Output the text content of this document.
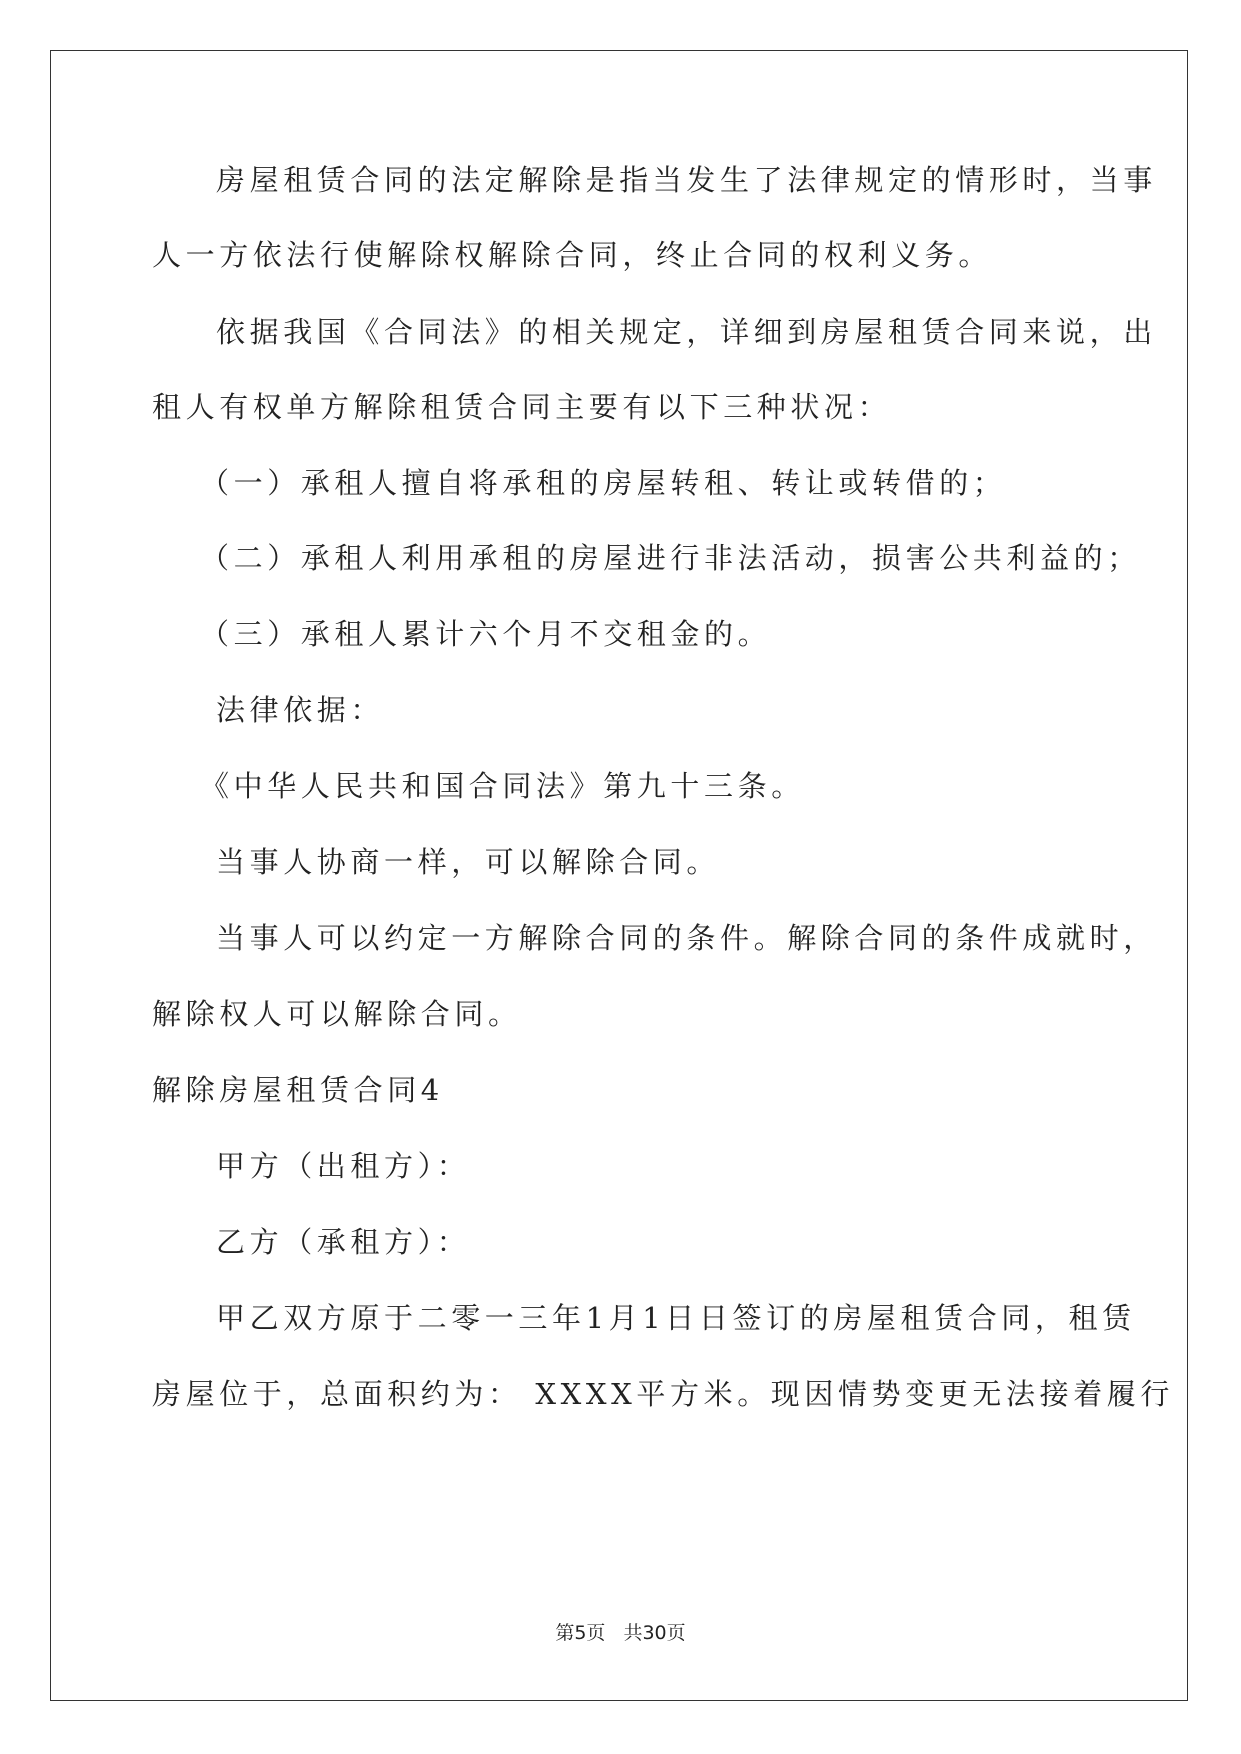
房屋租赁合同的法定解除是指当发生了法律规定的情形时，当事
人一方依法行使解除权解除合同，终止合同的权利义务。
依据我国《合同法》的相关规定，详细到房屋租赁合同来说，出
租人有权单方解除租赁合同主要有以下三种状况：
（一）承租人擅自将承租的房屋转租、转让或转借的；
（二）承租人利用承租的房屋进行非法活动，损害公共利益的；
（三）承租人累计六个月不交租金的。
法律依据：
《中华人民共和国合同法》第九十三条。
当事人协商一样，可以解除合同。
当事人可以约定一方解除合同的条件。解除合同的条件成就时，
解除权人可以解除合同。
解除房屋租赁合同4
甲方（出租方）：
乙方（承租方）：
甲乙双方原于二零一三年1月1日日签订的房屋租赁合同，租赁
房屋位于，总面积约为： XXXX平方米。现因情势变更无法接着履行
第5页 共30页
